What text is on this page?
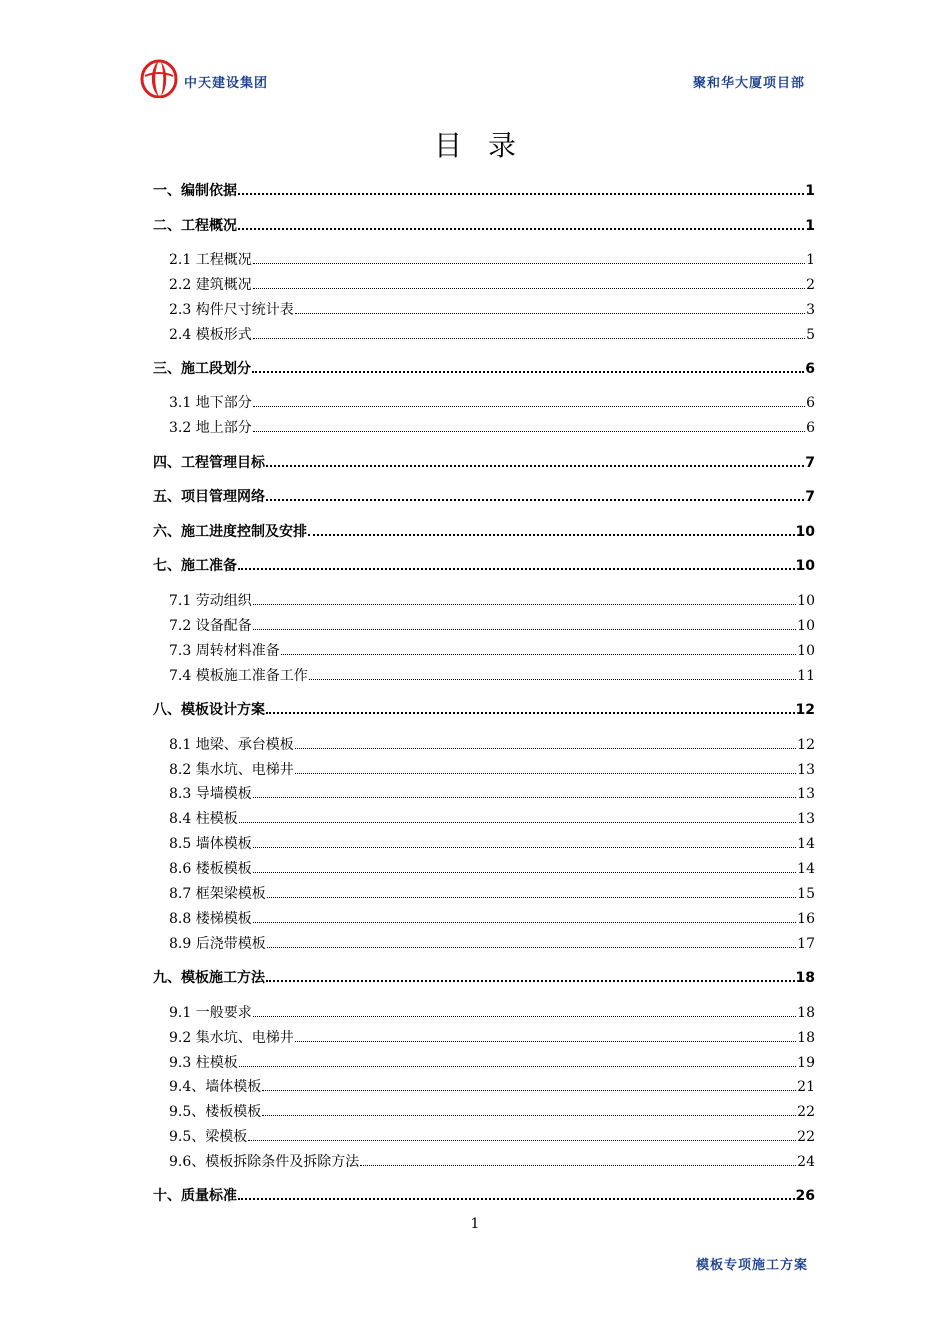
中天建设集团	聚和华大厦项目部
目录
一、编制依据	1
二、工程概况	1
2.1 工程概况	1
2.2 建筑概况	2
2.3 构件尺寸统计表	3
2.4 模板形式	5
三、施工段划分	6
3.1 地下部分	6
3.2 地上部分	6
四、工程管理目标	7
五、项目管理网络	7
六、施工进度控制及安排	10
七、施工准备	10
7.1 劳动组织	10
7.2 设备配备	10
7.3 周转材料准备	10
7.4 模板施工准备工作	11
八、模板设计方案	12
8.1 地梁、承台模板	12
8.2 集水坑、电梯井	13
8.3 导墙模板	13
8.4 柱模板	13
8.5 墙体模板	14
8.6 楼板模板	14
8.7 框架梁模板	15
8.8 楼梯模板	16
8.9 后浇带模板	17
九、模板施工方法	18
9.1 一般要求	18
9.2 集水坑、电梯井	18
9.3 柱模板	19
9.4、墙体模板	21
9.5、楼板模板	22
9.5、梁模板	22
9.6、模板拆除条件及拆除方法	24
十、质量标准	26
1
模板专项施工方案
